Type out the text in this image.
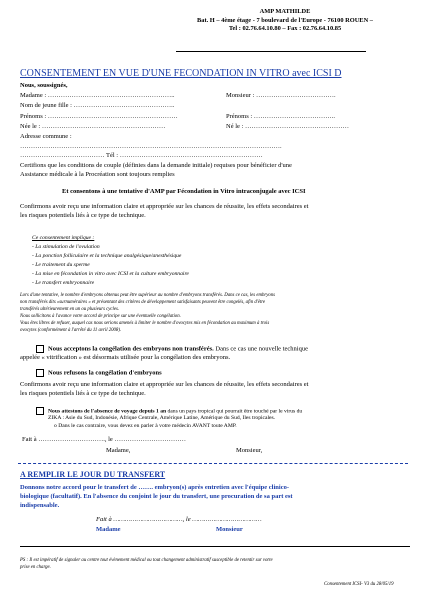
AMP MATHILDE
Bat. H – 4ème étage - 7 boulevard de l'Europe - 76100 ROUEN –
Tel : 02.76.64.10.80 – Fax : 02.76.64.10.85
CONSENTEMENT EN VUE D'UNE FECONDATION IN VITRO avec ICSI D
Nous, soussignés,
Madame : …………………………………………………..	Monsieur : ……………………………….
Nom de jeune fille : ………………………………………..
Prénoms : ……………………………………………………	Prénoms : ………………………………..
Née le : …………………………………………………	Né le : …………………………………………
Adresse commune :
………………………………………………………………………………………………………….
………………………………… Tél : …………………………………………………………
Certifions que les conditions de couple (définies dans la demande initiale) requises pour bénéficier d'une
Assistance médicale à la Procréation sont toujours remplies
Et consentons à une tentative d'AMP par Fécondation in Vitro intraconjugale avec ICSI
Confirmons avoir reçu une information claire et appropriée sur les chances de réussite, les effets secondaires et
les risques potentiels liés à ce type de technique.
Ce consentement implique :
- La stimulation de l'ovulation
- La ponction folliculaire et la technique analgésique/anesthésique
- Le traitement du sperme
- La mise en fécondation in vitro avec ICSI et la culture embryonnaire
- Le transfert embryonnaire
Lors d'une tentative, le nombre d'embryons obtenus peut être supérieur au nombre d'embryons transférés. Dans ce cas, les embryons
non transférés dits «surnuméraires » et présentant des critères de développement satisfaisants peuvent être congelés, afin d'être
transférés ultérieurement en un ou plusieurs cycles.
Nous sollicitons à l'avance votre accord de principe sur une éventuelle congélation.
Vous êtes libres de refuser, auquel cas nous serions amenés à limiter le nombre d'ovocytes mis en fécondation au maximum à trois
ovocytes (conformément à l'arrêté du 11 avril 2008).
Nous acceptons la congélation des embryons non transférés. Dans ce cas une nouvelle technique
appelée « vitrification » est désormais utilisée pour la congélation des embryons.
Nous refusons la congélation d'embryons
Confirmons avoir reçu une information claire et appropriée sur les chances de réussite, les effets secondaires et
les risques potentiels liés à ce type de technique.
Nous attestons de l'absence de voyage depuis 1 an dans un pays tropical qui pourrait être touché par le virus du
ZIKA : Asie du Sud, Indonésie, Afrique Centrale, Amérique Latine, Amérique du Sud, Iles tropicales.
o Dans le cas contraire, vous devez en parler à votre médecin AVANT toute AMP.
Fait à …………………………., le ……………………………
Madame,	Monsieur,
A REMPLIR LE JOUR DU TRANSFERT
Donnons notre accord pour le transfert de ……. embryon(s) après entretien avec l'équipe clinico-
biologique (facultatif). En l'absence du conjoint le jour du transfert, une procuration de sa part est
indispensable.
Fait à ………………………………, le ………………………………
Madame	Monsieur
PS : Il est impératif de signaler au centre tout évènement médical ou tout changement administratif susceptible de retentir sur votre
prise en charge.
Consentement ICSI- V3 du 28/05/19
